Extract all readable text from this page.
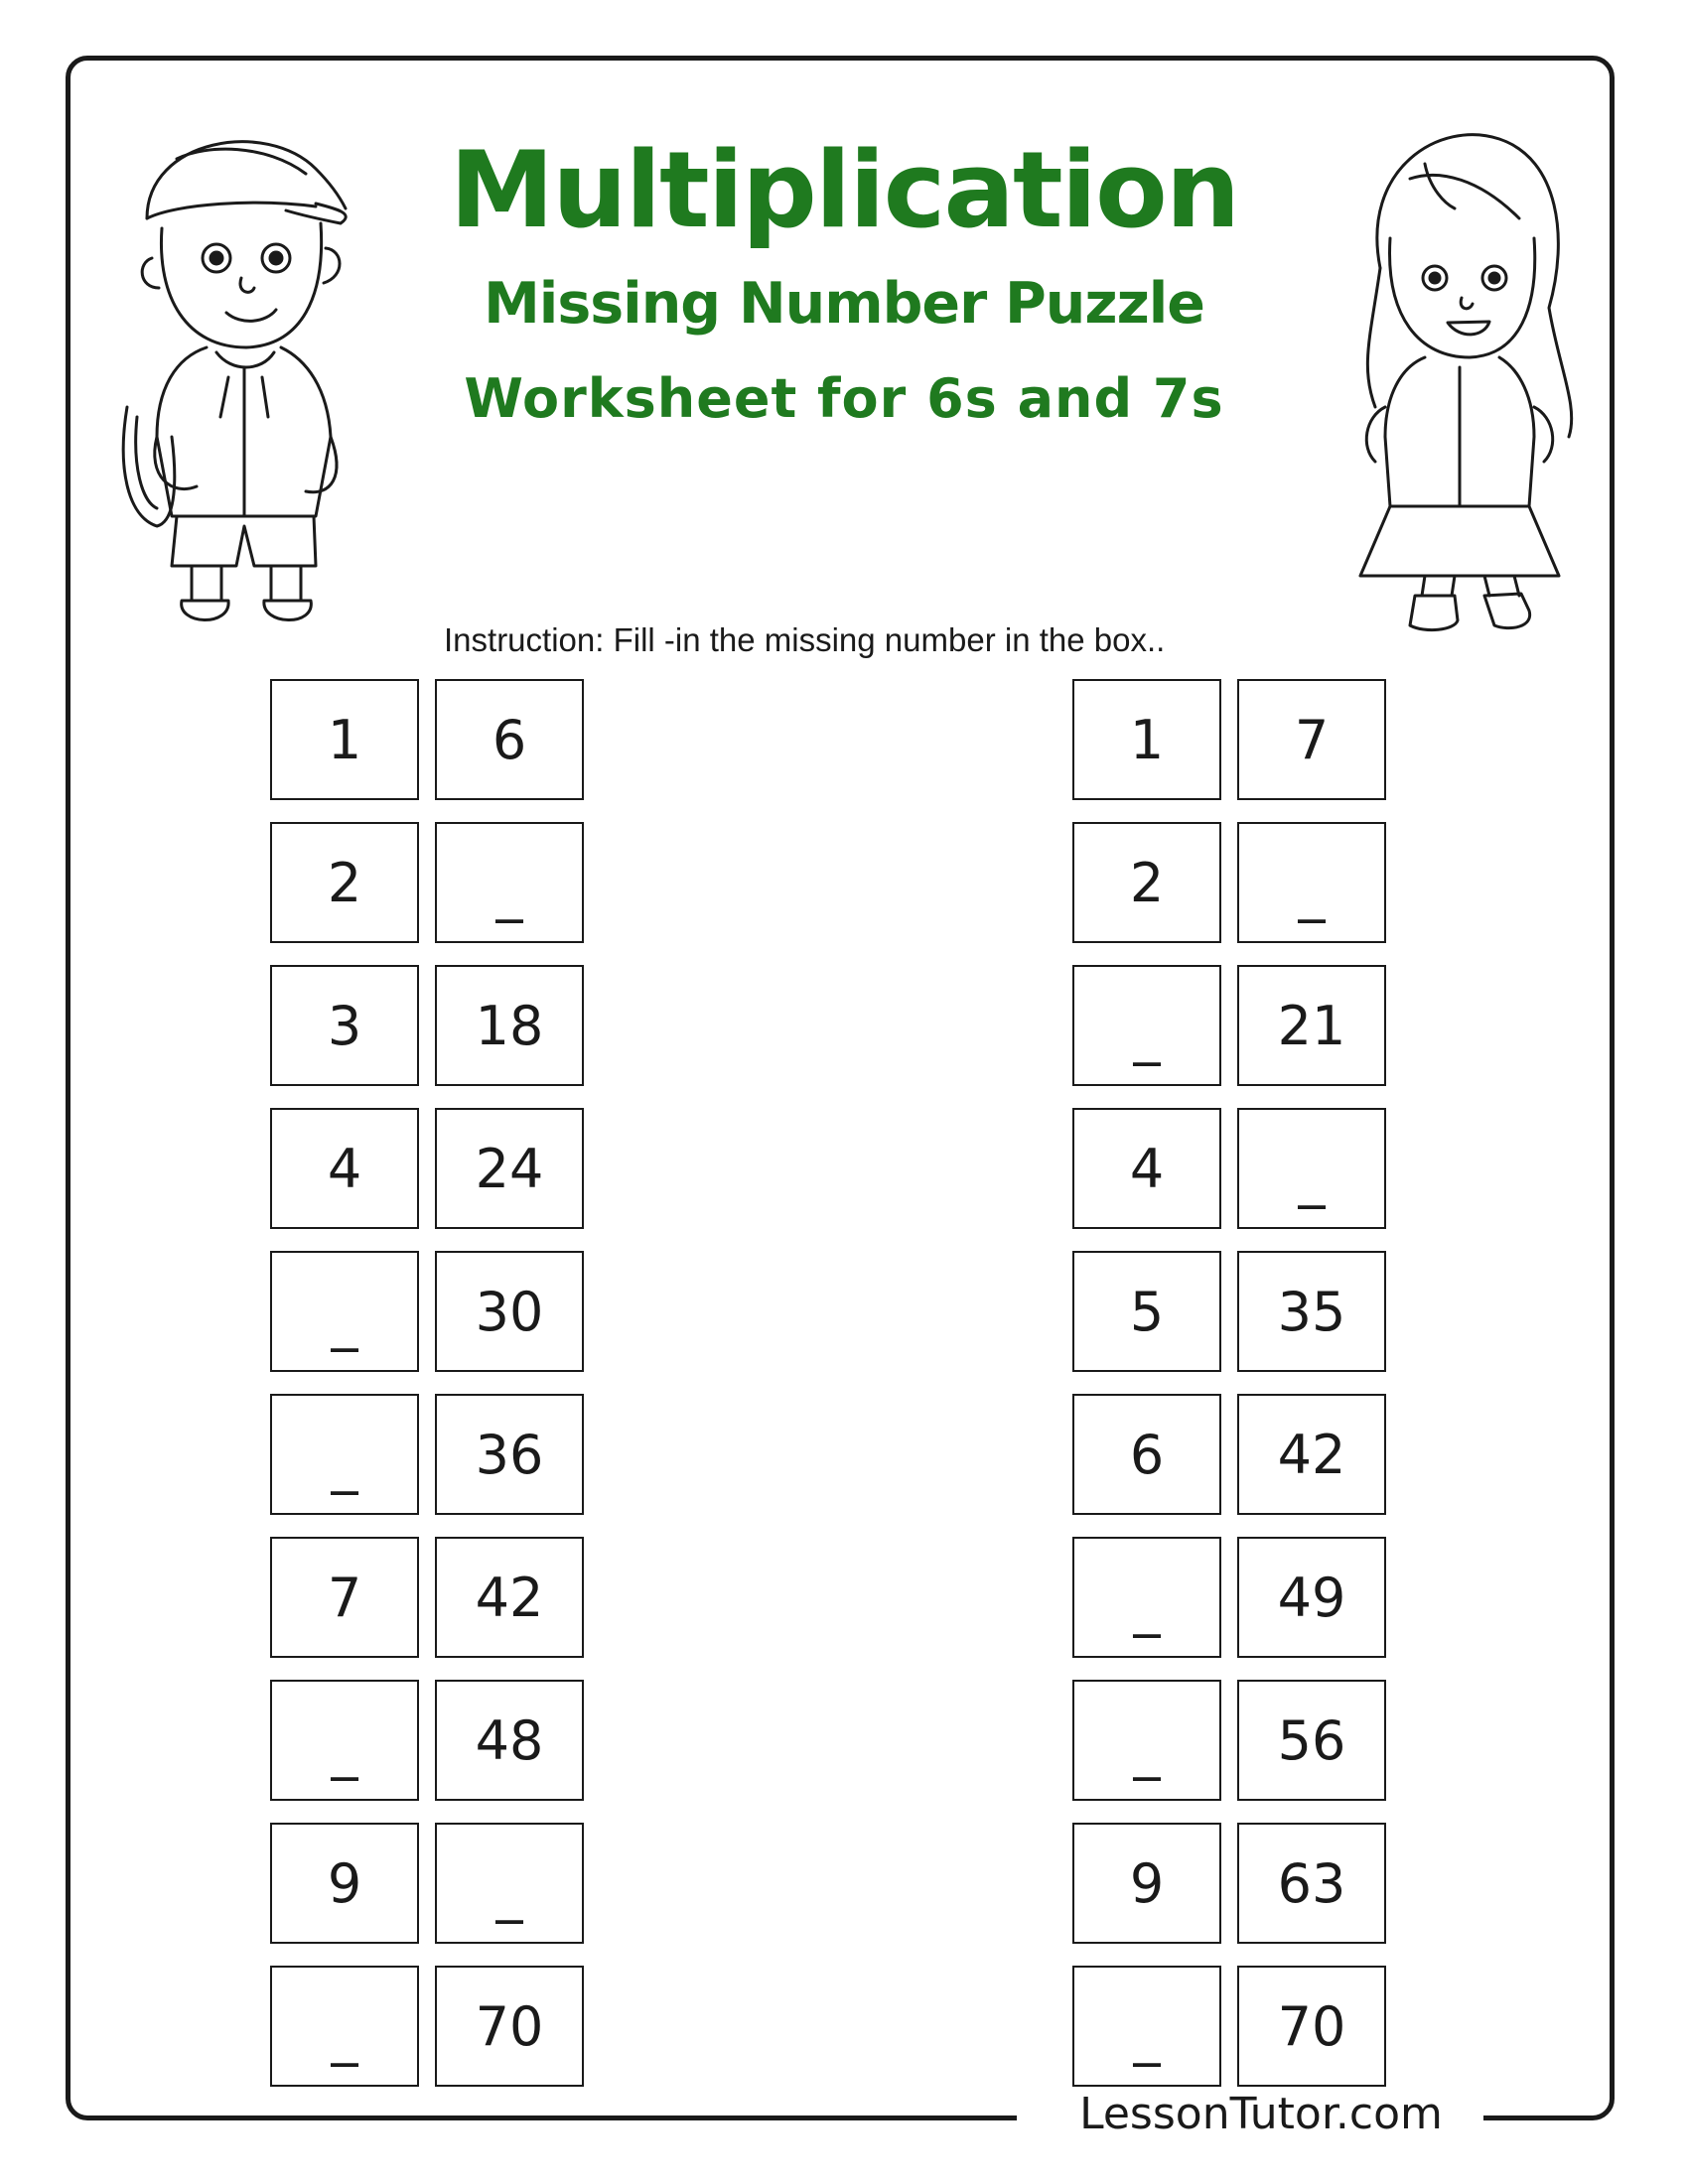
Multiplication
Missing Number Puzzle
Worksheet for 6s and 7s
Instruction: Fill -in the missing number in the box..
1	6
2	_
3	18
4	24
_	30
_	36
7	42
_	48
9	_
_	70
1	7
2	_
_	21
4	_
5	35
6	42
_	49
_	56
9	63
_	70
LessonTutor.com
